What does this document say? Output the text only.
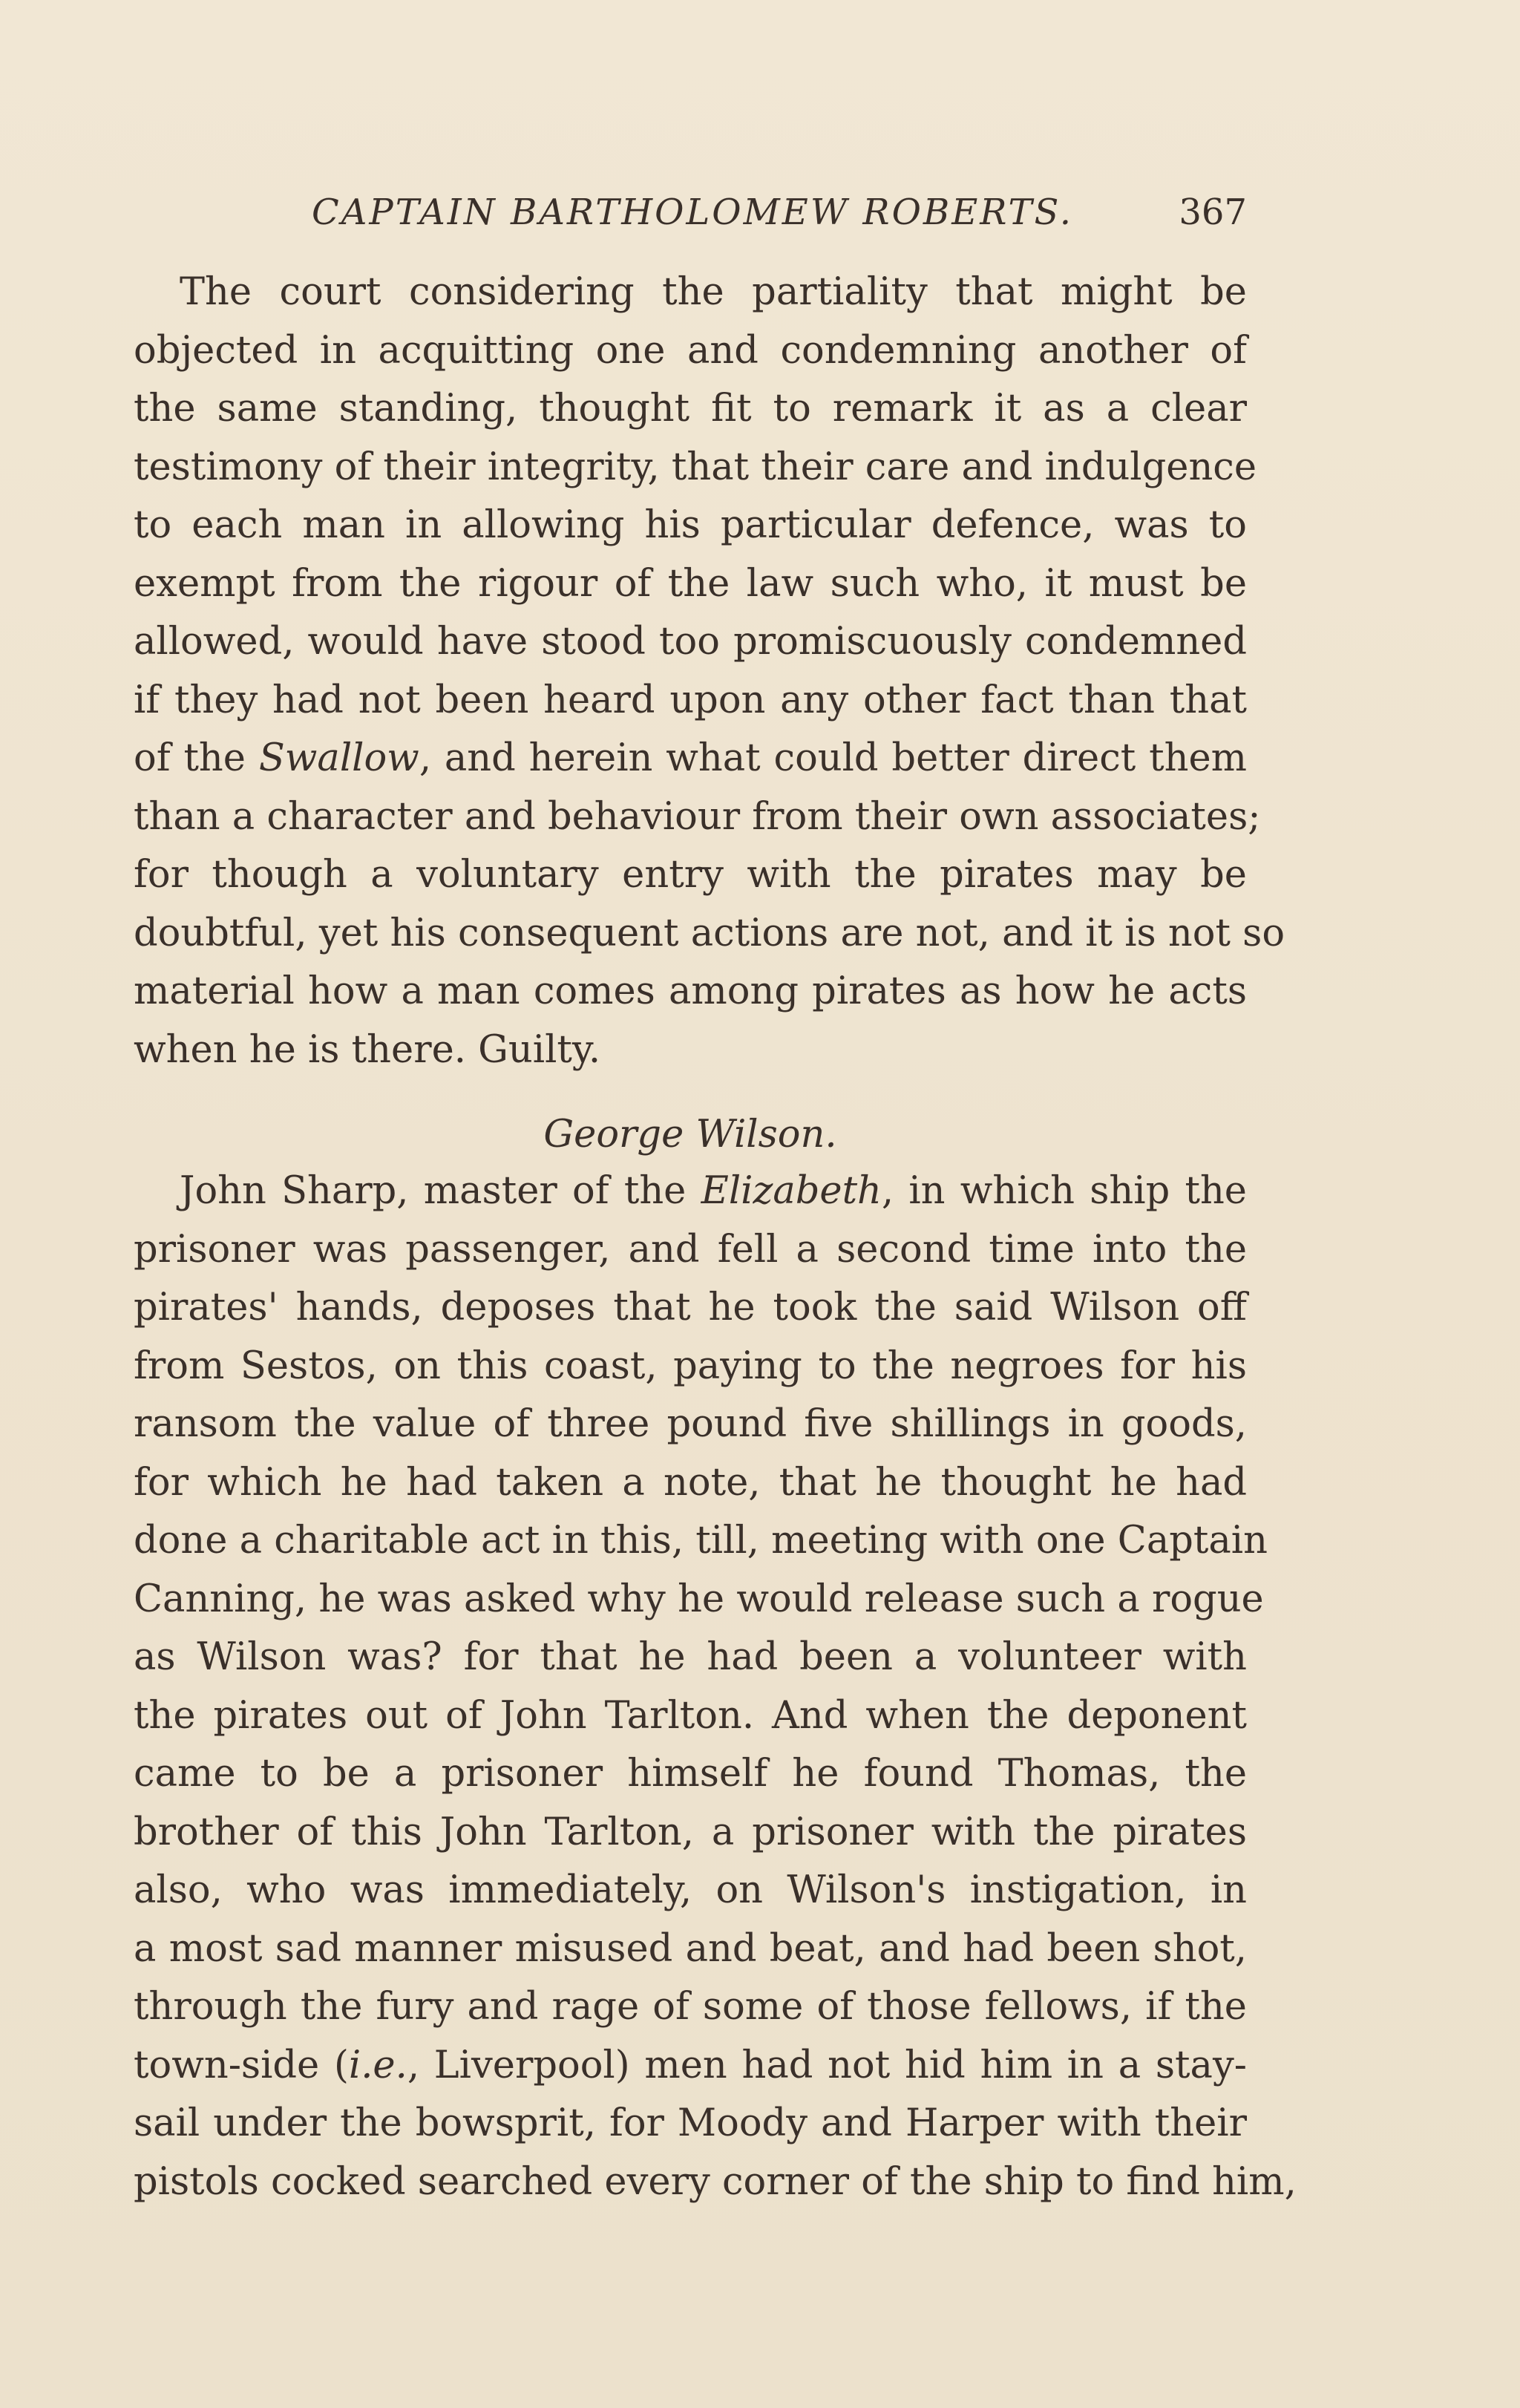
CAPTAIN BARTHOLOMEW ROBERTS.	367
The court considering the partiality that might be
objected in acquitting one and condemning another of
the same standing, thought fit to remark it as a clear
testimony of their integrity, that their care and indulgence
to each man in allowing his particular defence, was to
exempt from the rigour of the law such who, it must be
allowed, would have stood too promiscuously condemned
if they had not been heard upon any other fact than that
of the Swallow, and herein what could better direct them
than a character and behaviour from their own associates;
for though a voluntary entry with the pirates may be
doubtful, yet his consequent actions are not, and it is not so
material how a man comes among pirates as how he acts
when he is there. Guilty.
George Wilson.
John Sharp, master of the Elizabeth, in which ship the
prisoner was passenger, and fell a second time into the
pirates' hands, deposes that he took the said Wilson off
from Sestos, on this coast, paying to the negroes for his
ransom the value of three pound five shillings in goods,
for which he had taken a note, that he thought he had
done a charitable act in this, till, meeting with one Captain
Canning, he was asked why he would release such a rogue
as Wilson was? for that he had been a volunteer with
the pirates out of John Tarlton. And when the deponent
came to be a prisoner himself he found Thomas, the
brother of this John Tarlton, a prisoner with the pirates
also, who was immediately, on Wilson's instigation, in
a most sad manner misused and beat, and had been shot,
through the fury and rage of some of those fellows, if the
town-side (i.e., Liverpool) men had not hid him in a stay-
sail under the bowsprit, for Moody and Harper with their
pistols cocked searched every corner of the ship to find him,
